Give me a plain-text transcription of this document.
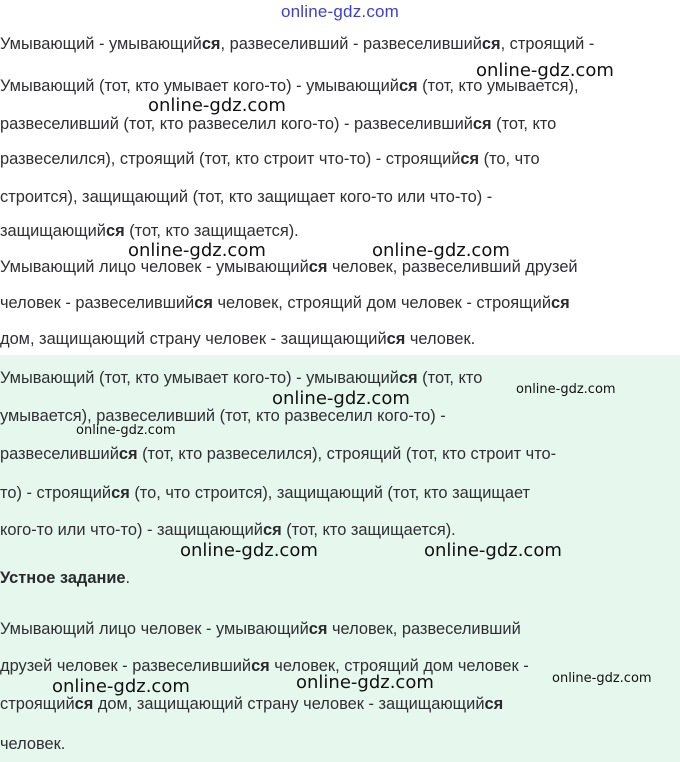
online-gdz.com

Умывающий - умывающийся, развеселивший - развеселившийся, строящий -

Умывающий (тот, кто умывает кого-то) - умывающийся (тот, кто умывается),

развеселивший (тот, кто развеселил кого-то) - развеселившийся (тот, кто

развеселился), строящий (тот, кто строит что-то) - строящийся (то, что

строится), защищающий (тот, кто защищает кого-то или что-то) -

защищающийся (тот, кто защищается).

Умывающий лицо человек - умывающийся человек, развеселивший друзей

человек - развеселившийся человек, строящий дом человек - строящийся

дом, защищающий страну человек - защищающийся человек.

Умывающий (тот, кто умывает кого-то) - умывающийся (тот, кто

умывается), развеселивший (тот, кто развеселил кого-то) -

развеселившийся (тот, кто развеселился), строящий (тот, кто строит что-

то) - строящийся (то, что строится), защищающий (тот, кто защищает

кого-то или что-то) - защищающийся (тот, кто защищается).

Устное задание.

Умывающий лицо человек - умывающийся человек, развеселивший

друзей человек - развеселившийся человек, строящий дом человек -

строящийся дом, защищающий страну человек - защищающийся

человек.

online-gdz.com
online-gdz.com
online-gdz.com	online-gdz.com
online-gdz.com	online-gdz.com
online-gdz.com
online-gdz.com	online-gdz.com
online-gdz.com	online-gdz.com	online-gdz.com
